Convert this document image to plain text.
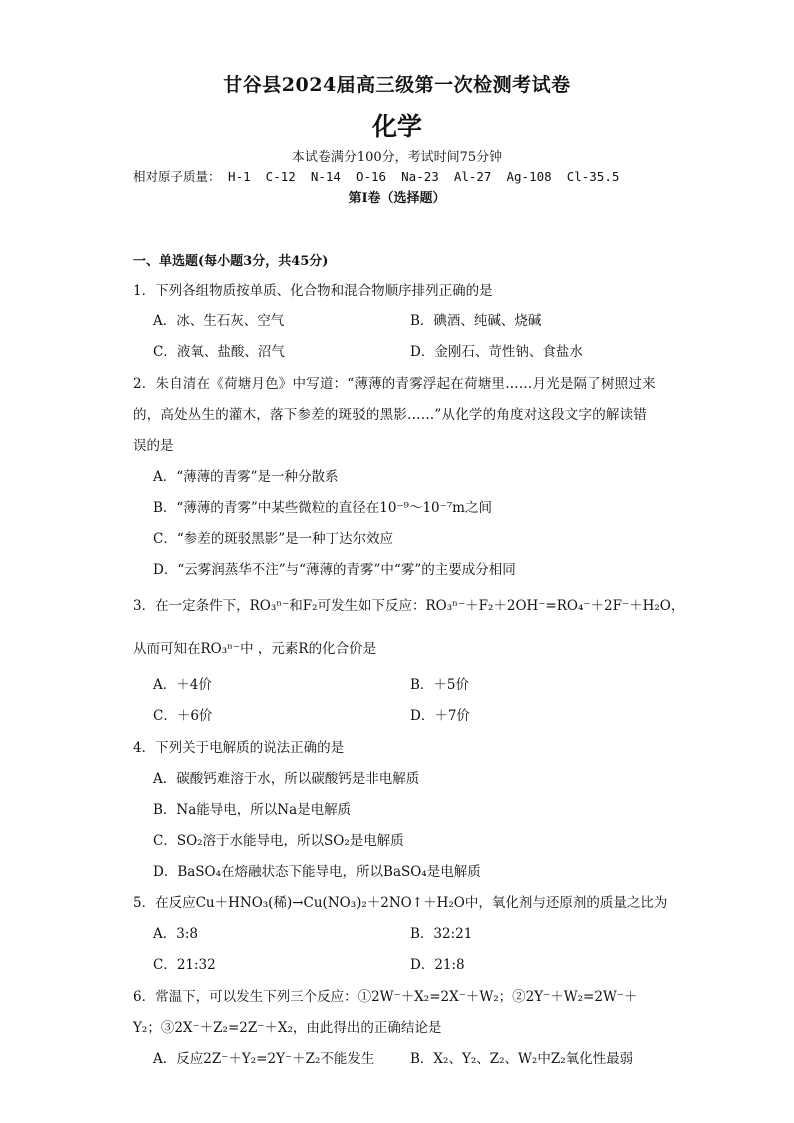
甘谷县2024届高三级第一次检测考试卷
化学
本试卷满分100分，考试时间75分钟
相对原子质量： H-1  C-12  N-14  O-16  Na-23  Al-27  Ag-108  Cl-35.5
第Ⅰ卷（选择题）
一、单选题(每小题3分，共45分)
1．下列各组物质按单质、化合物和混合物顺序排列正确的是
A．冰、生石灰、空气	B．碘酒、纯碱、烧碱
C．液氧、盐酸、沼气	D．金刚石、苛性钠、食盐水
2．朱自清在《荷塘月色》中写道：“薄薄的青雾浮起在荷塘里……月光是隔了树照过来
的，高处丛生的灌木，落下参差的斑驳的黑影……”从化学的角度对这段文字的解读错
误的是
A．“薄薄的青雾”是一种分散系
B．“薄薄的青雾”中某些微粒的直径在10⁻⁹～10⁻⁷m之间
C．“参差的斑驳黑影”是一种丁达尔效应
D．“云雾润蒸华不注”与“薄薄的青雾”中“雾”的主要成分相同
3．在一定条件下，RO₃ⁿ⁻和F₂可发生如下反应：RO₃ⁿ⁻＋F₂＋2OH⁻=RO₄⁻＋2F⁻＋H₂O，
从而可知在RO₃ⁿ⁻中 ，元素R的化合价是
A．＋4价	B．＋5价
C．＋6价	D．＋7价
4．下列关于电解质的说法正确的是
A．碳酸钙难溶于水，所以碳酸钙是非电解质
B．Na能导电，所以Na是电解质
C．SO₂溶于水能导电，所以SO₂是电解质
D．BaSO₄在熔融状态下能导电，所以BaSO₄是电解质
5．在反应Cu＋HNO₃(稀)→Cu(NO₃)₂＋2NO↑＋H₂O中，氧化剂与还原剂的质量之比为
A．3:8	B．32:21
C．21:32	D．21:8
6．常温下，可以发生下列三个反应：①2W⁻＋X₂=2X⁻＋W₂；②2Y⁻＋W₂=2W⁻＋
Y₂；③2X⁻＋Z₂=2Z⁻＋X₂，由此得出的正确结论是
A．反应2Z⁻＋Y₂=2Y⁻＋Z₂不能发生	B．X₂、Y₂、Z₂、W₂中Z₂氧化性最弱
